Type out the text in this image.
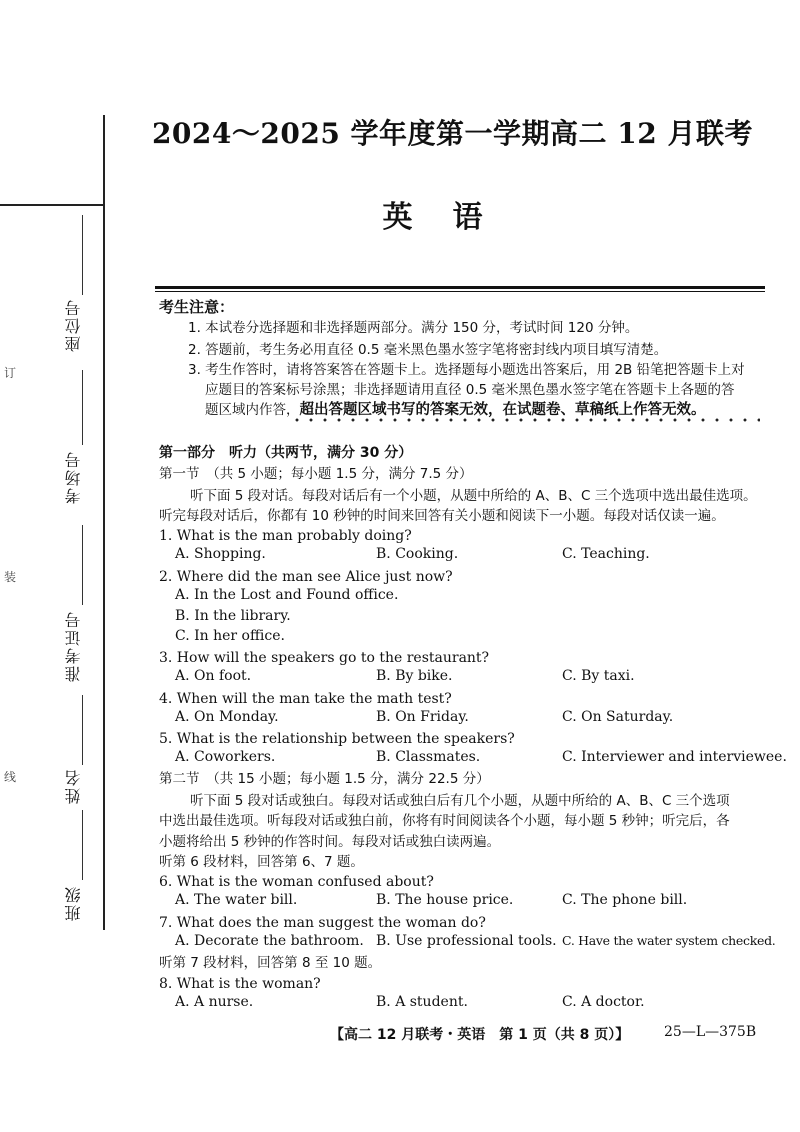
座位号
考场号
准考证号
姓名
班级
订
装
线
2024～2025 学年度第一学期高二 12 月联考
英语
考生注意：
1. 本试卷分选择题和非选择题两部分。满分 150 分，考试时间 120 分钟。
2. 答题前，考生务必用直径 0.5 毫米黑色墨水签字笔将密封线内项目填写清楚。
3. 考生作答时，请将答案答在答题卡上。选择题每小题选出答案后，用 2B 铅笔把答题卡上对
应题目的答案标号涂黑；非选择题请用直径 0.5 毫米黑色墨水签字笔在答题卡上各题的答
题区域内作答，超出答题区域书写的答案无效，在试题卷、草稿纸上作答无效。
第一部分　听力（共两节，满分 30 分）
第一节　（共 5 小题；每小题 1.5 分，满分 7.5 分）
听下面 5 段对话。每段对话后有一个小题，从题中所给的 A、B、C 三个选项中选出最佳选项。
听完每段对话后，你都有 10 秒钟的时间来回答有关小题和阅读下一小题。每段对话仅读一遍。
1. What is the man probably doing?
A. Shopping.	B. Cooking.	C. Teaching.
2. Where did the man see Alice just now?
A. In the Lost and Found office.
B. In the library.
C. In her office.
3. How will the speakers go to the restaurant?
A. On foot.	B. By bike.	C. By taxi.
4. When will the man take the math test?
A. On Monday.	B. On Friday.	C. On Saturday.
5. What is the relationship between the speakers?
A. Coworkers.	B. Classmates.	C. Interviewer and interviewee.
第二节　（共 15 小题；每小题 1.5 分，满分 22.5 分）
听下面 5 段对话或独白。每段对话或独白后有几个小题，从题中所给的 A、B、C 三个选项
中选出最佳选项。听每段对话或独白前，你将有时间阅读各个小题，每小题 5 秒钟；听完后，各
小题将给出 5 秒钟的作答时间。每段对话或独白读两遍。
听第 6 段材料，回答第 6、7 题。
6. What is the woman confused about?
A. The water bill.	B. The house price.	C. The phone bill.
7. What does the man suggest the woman do?
A. Decorate the bathroom. B. Use professional tools. C. Have the water system checked.
听第 7 段材料，回答第 8 至 10 题。
8. What is the woman?
A. A nurse.	B. A student.	C. A doctor.
【高二 12 月联考・英语　第 1 页（共 8 页）】 25—L—375B
